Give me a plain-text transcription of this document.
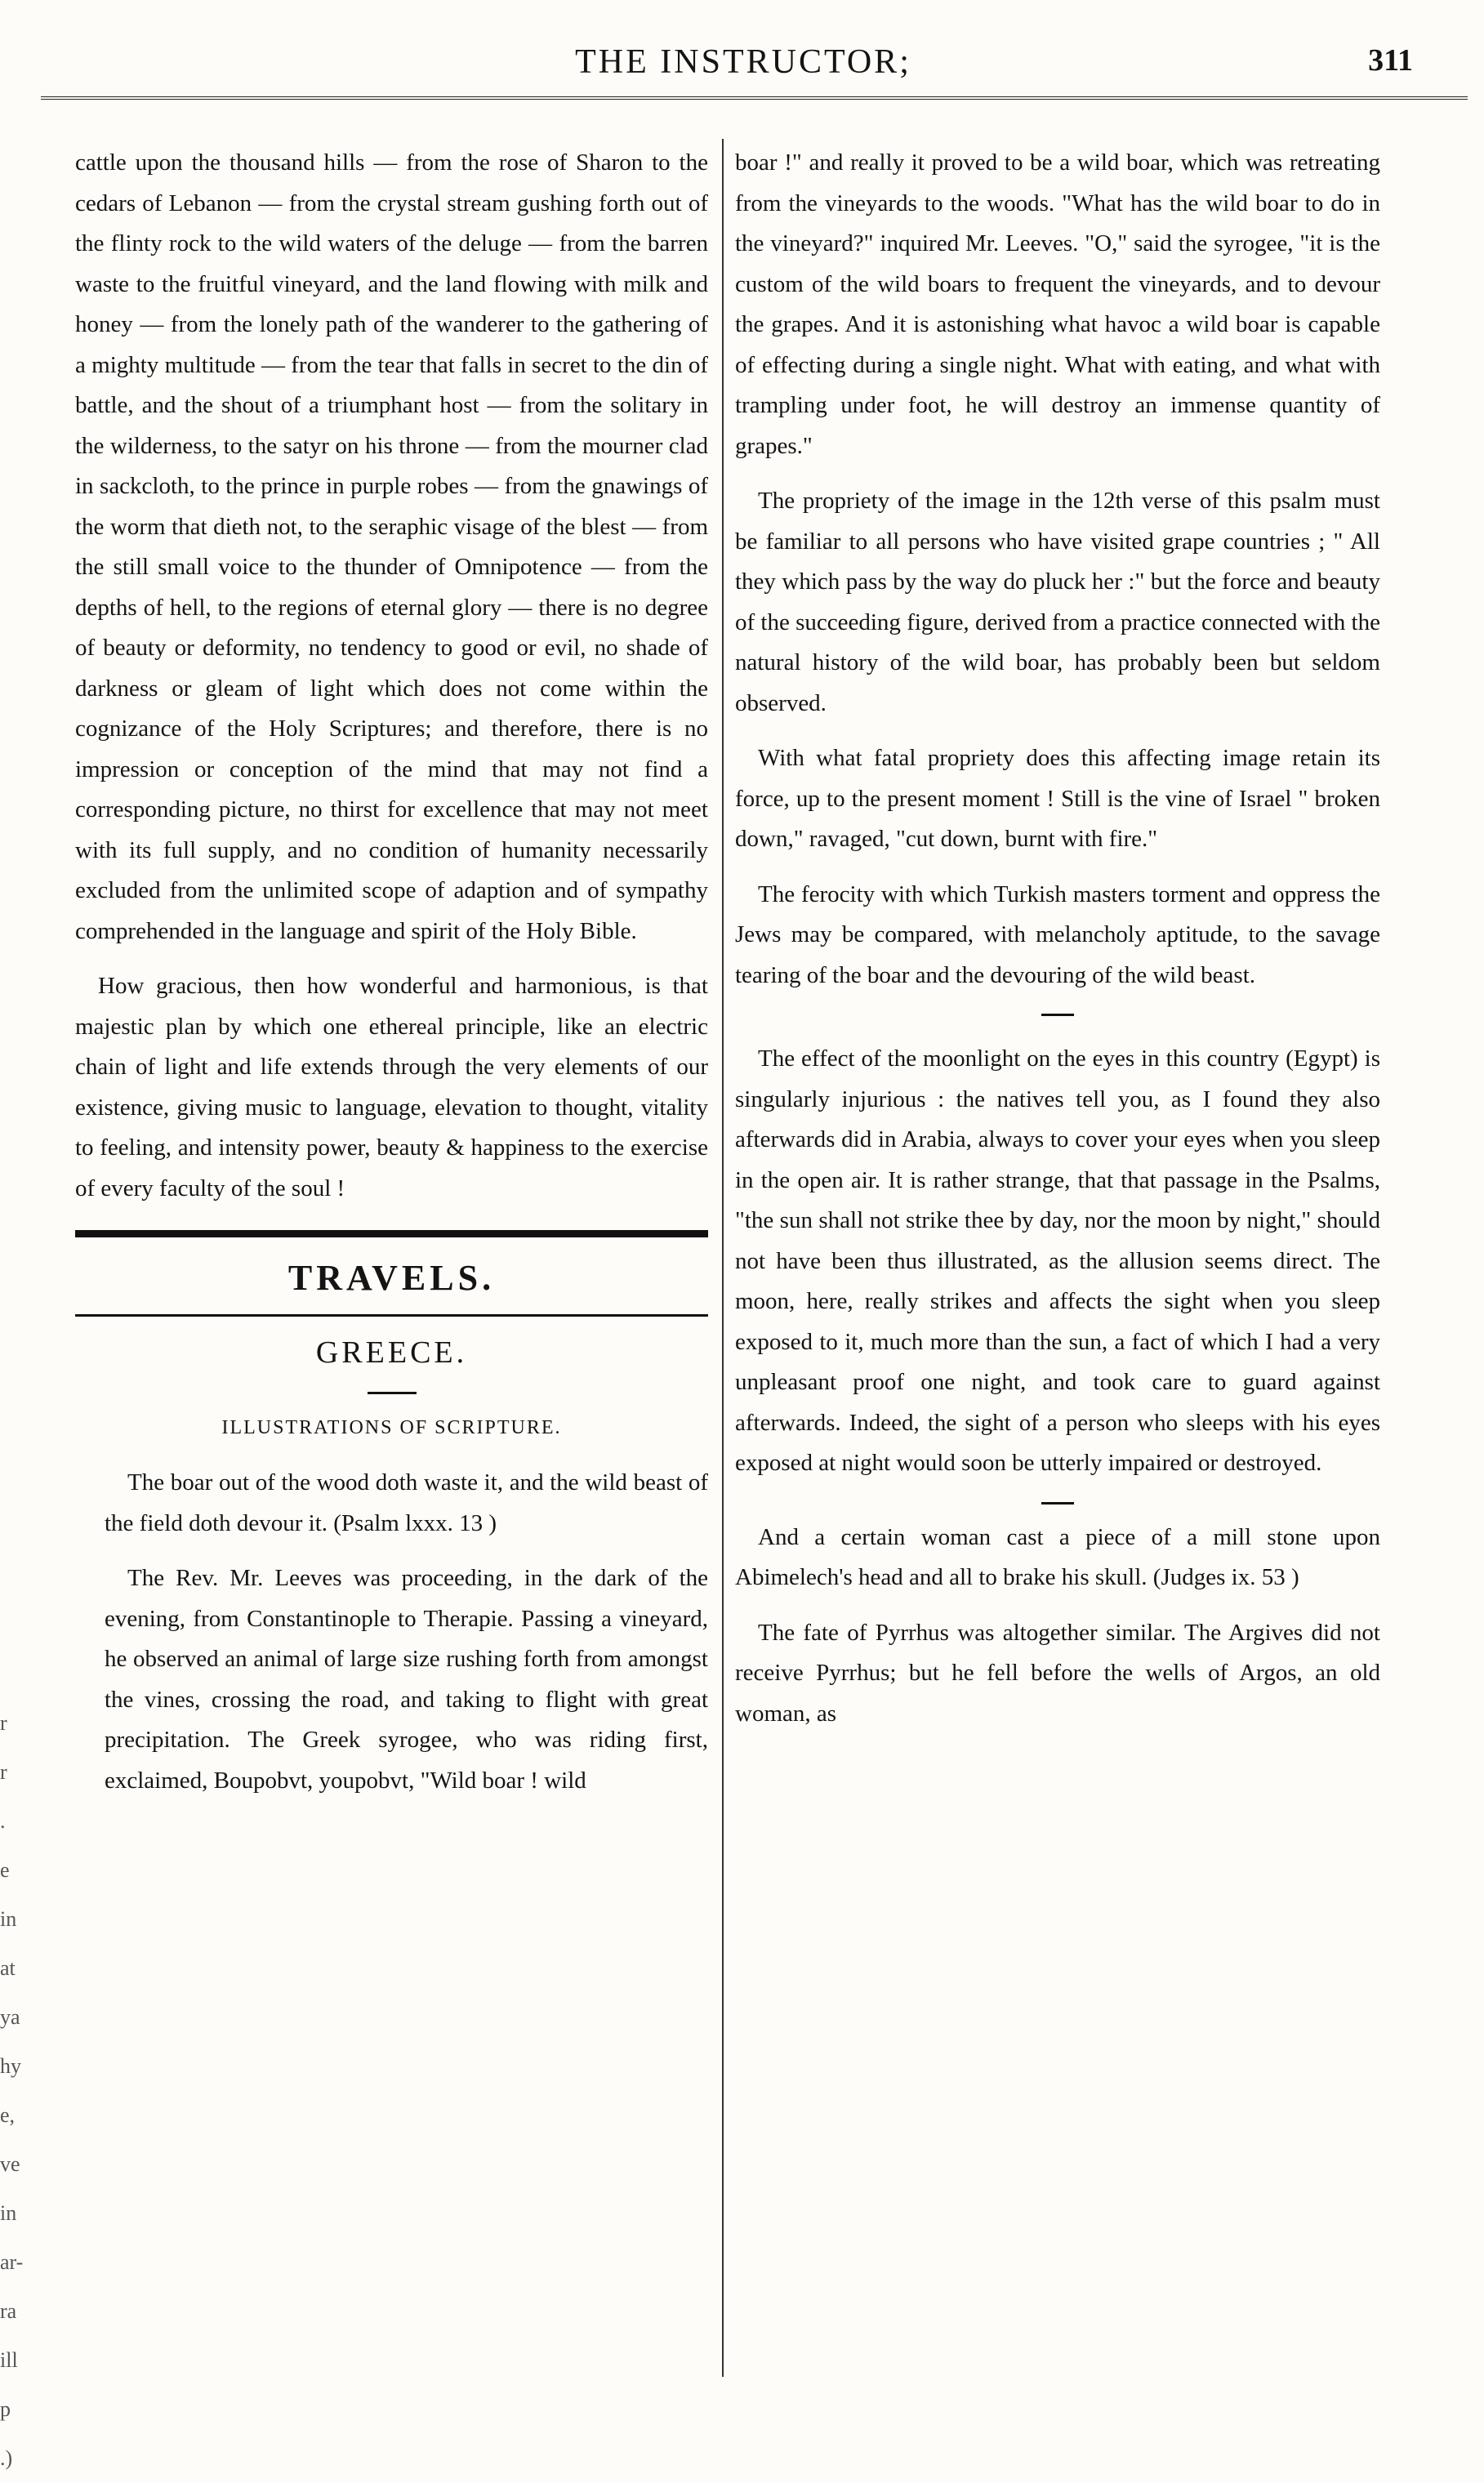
THE INSTRUCTOR;	311
r
r
.
e
in
at
ya
hy
e,
ve
in
ar-
ra
ill
p
.)

cattle upon the thousand hills — from the rose of Sharon to the cedars of Lebanon — from the crystal stream gushing forth out of the flinty rock to the wild waters of the deluge — from the barren waste to the fruitful vineyard, and the land flowing with milk and honey — from the lonely path of the wanderer to the gathering of a mighty multitude — from the tear that falls in secret to the din of battle, and the shout of a triumphant host — from the solitary in the wilderness, to the satyr on his throne — from the mourner clad in sackcloth, to the prince in purple robes — from the gnawings of the worm that dieth not, to the seraphic visage of the blest — from the still small voice to the thunder of Omnipotence — from the depths of hell, to the regions of eternal glory — there is no degree of beauty or deformity, no tendency to good or evil, no shade of darkness or gleam of light which does not come within the cognizance of the Holy Scriptures; and therefore, there is no impression or conception of the mind that may not find a corresponding picture, no thirst for excellence that may not meet with its full supply, and no condition of humanity necessarily excluded from the unlimited scope of adaption and of sympathy comprehended in the language and spirit of the Holy Bible.

How gracious, then how wonderful and harmonious, is that majestic plan by which one ethereal principle, like an electric chain of light and life extends through the very elements of our existence, giving music to language, elevation to thought, vitality to feeling, and intensity power, beauty & happiness to the exercise of every faculty of the soul !

TRAVELS.
GREECE.
ILLUSTRATIONS OF SCRIPTURE.

The boar out of the wood doth waste it, and the wild beast of the field doth devour it. (Psalm lxxx. 13 )

The Rev. Mr. Leeves was proceeding, in the dark of the evening, from Constantinople to Therapie. Passing a vineyard, he observed an animal of large size rushing forth from amongst the vines, crossing the road, and taking to flight with great precipitation. The Greek syrogee, who was riding first, exclaimed, Boupobvt, youpobvt, "Wild boar ! wild

boar !" and really it proved to be a wild boar, which was retreating from the vineyards to the woods. "What has the wild boar to do in the vineyard?" inquired Mr. Leeves. "O," said the syrogee, "it is the custom of the wild boars to frequent the vineyards, and to devour the grapes. And it is astonishing what havoc a wild boar is capable of effecting during a single night. What with eating, and what with trampling under foot, he will destroy an immense quantity of grapes."

The propriety of the image in the 12th verse of this psalm must be familiar to all persons who have visited grape countries ; " All they which pass by the way do pluck her :" but the force and beauty of the succeeding figure, derived from a practice connected with the natural history of the wild boar, has probably been but seldom observed.

With what fatal propriety does this affecting image retain its force, up to the present moment ! Still is the vine of Israel " broken down," ravaged, "cut down, burnt with fire."

The ferocity with which Turkish masters torment and oppress the Jews may be compared, with melancholy aptitude, to the savage tearing of the boar and the devouring of the wild beast.

The effect of the moonlight on the eyes in this country (Egypt) is singularly injurious : the natives tell you, as I found they also afterwards did in Arabia, always to cover your eyes when you sleep in the open air. It is rather strange, that that passage in the Psalms, "the sun shall not strike thee by day, nor the moon by night," should not have been thus illustrated, as the allusion seems direct. The moon, here, really strikes and affects the sight when you sleep exposed to it, much more than the sun, a fact of which I had a very unpleasant proof one night, and took care to guard against afterwards. Indeed, the sight of a person who sleeps with his eyes exposed at night would soon be utterly impaired or destroyed.

And a certain woman cast a piece of a mill stone upon Abimelech's head and all to brake his skull. (Judges ix. 53 )

The fate of Pyrrhus was altogether similar. The Argives did not receive Pyrrhus; but he fell before the wells of Argos, an old woman, as
